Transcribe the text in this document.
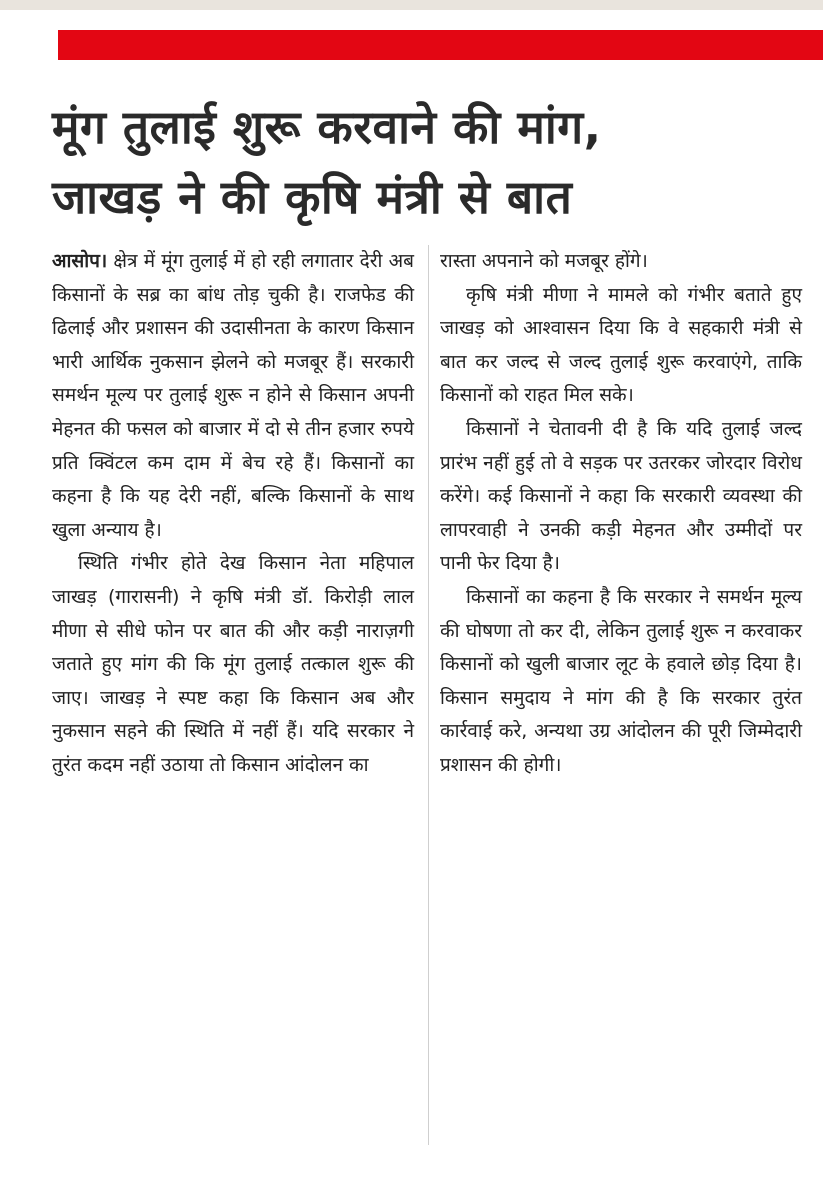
मूंग तुलाई शुरू करवाने की मांग,
जाखड़ ने की कृषि मंत्री से बात

आसोप। क्षेत्र में मूंग तुलाई में हो रही लगातार देरी अब किसानों के सब्र का बांध तोड़ चुकी है। राजफेड की ढिलाई और प्रशासन की उदासीनता के कारण किसान भारी आर्थिक नुकसान झेलने को मजबूर हैं। सरकारी समर्थन मूल्य पर तुलाई शुरू न होने से किसान अपनी मेहनत की फसल को बाजार में दो से तीन हजार रुपये प्रति क्विंटल कम दाम में बेच रहे हैं। किसानों का कहना है कि यह देरी नहीं, बल्कि किसानों के साथ खुला अन्याय है।

स्थिति गंभीर होते देख किसान नेता महिपाल जाखड़ (गारासनी) ने कृषि मंत्री डॉ. किरोड़ी लाल मीणा से सीधे फोन पर बात की और कड़ी नाराज़गी जताते हुए मांग की कि मूंग तुलाई तत्काल शुरू की जाए। जाखड़ ने स्पष्ट कहा कि किसान अब और नुकसान सहने की स्थिति में नहीं हैं। यदि सरकार ने तुरंत कदम नहीं उठाया तो किसान आंदोलन का

रास्ता अपनाने को मजबूर होंगे।

कृषि मंत्री मीणा ने मामले को गंभीर बताते हुए जाखड़ को आश्वासन दिया कि वे सहकारी मंत्री से बात कर जल्द से जल्द तुलाई शुरू करवाएंगे, ताकि किसानों को राहत मिल सके।

किसानों ने चेतावनी दी है कि यदि तुलाई जल्द प्रारंभ नहीं हुई तो वे सड़क पर उतरकर जोरदार विरोध करेंगे। कई किसानों ने कहा कि सरकारी व्यवस्था की लापरवाही ने उनकी कड़ी मेहनत और उम्मीदों पर पानी फेर दिया है।

किसानों का कहना है कि सरकार ने समर्थन मूल्य की घोषणा तो कर दी, लेकिन तुलाई शुरू न करवाकर किसानों को खुली बाजार लूट के हवाले छोड़ दिया है। किसान समुदाय ने मांग की है कि सरकार तुरंत कार्रवाई करे, अन्यथा उग्र आंदोलन की पूरी जिम्मेदारी प्रशासन की होगी।
